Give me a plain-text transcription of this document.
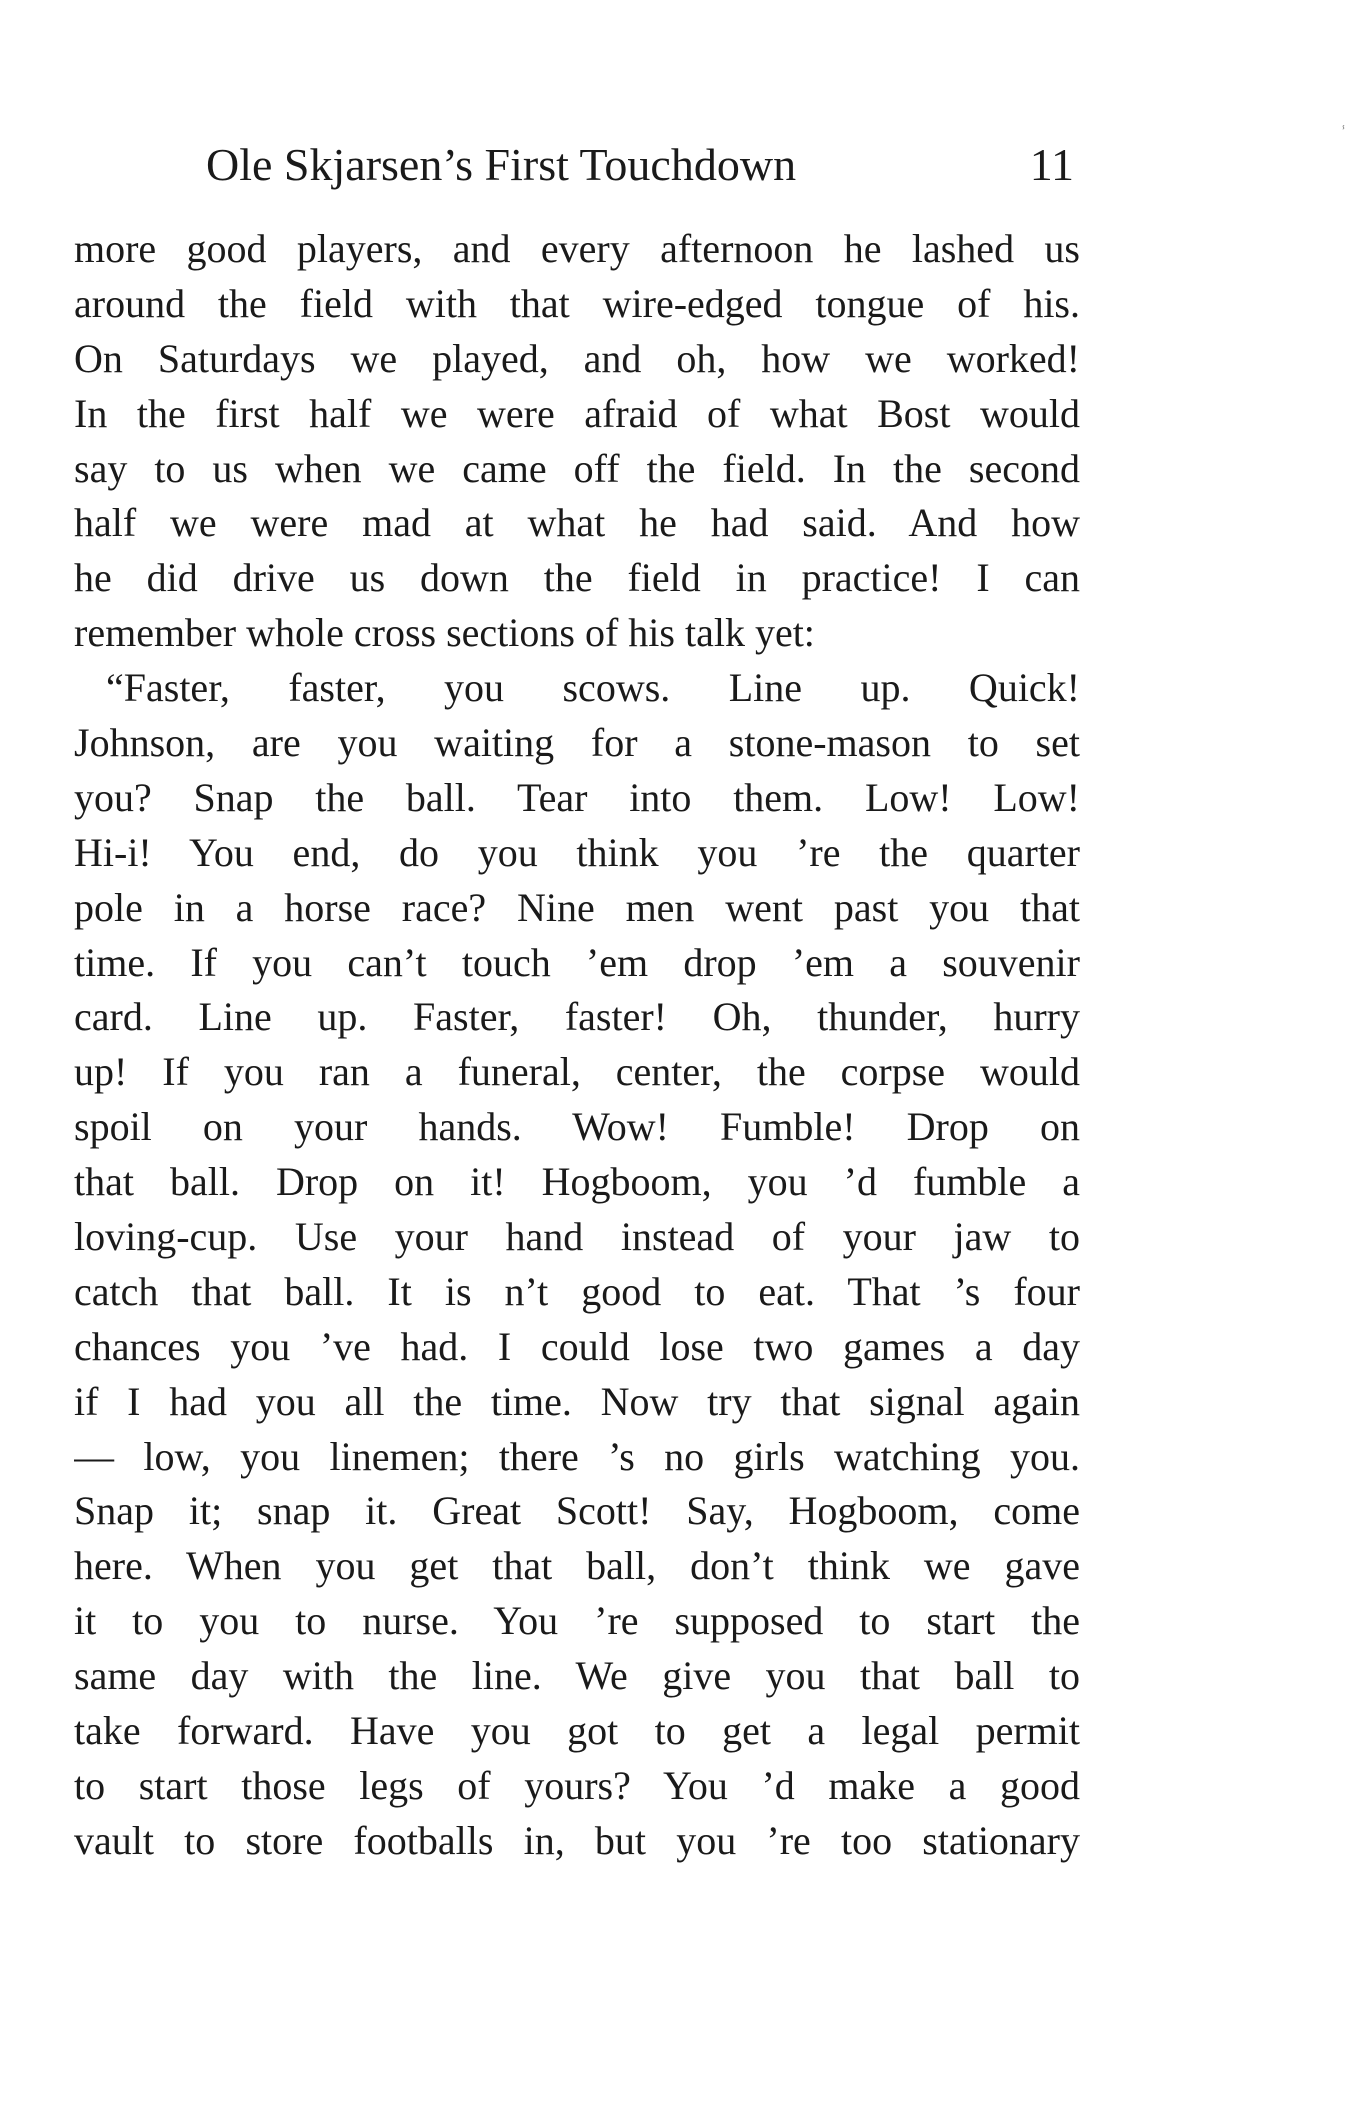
Ole Skjarsen’s First Touchdown	11
ⸯ
more good players, and every afternoon he lashed us
around the field with that wire-edged tongue of his.
On Saturdays we played, and oh, how we worked!
In the first half we were afraid of what Bost would
say to us when we came off the field. In the second
half we were mad at what he had said. And how
he did drive us down the field in practice! I can
remember whole cross sections of his talk yet:
“Faster, faster, you scows. Line up. Quick!
Johnson, are you waiting for a stone-mason to set
you? Snap the ball. Tear into them. Low! Low!
Hi-i! You end, do you think you ’re the quarter
pole in a horse race? Nine men went past you that
time. If you can’t touch ’em drop ’em a souvenir
card. Line up. Faster, faster! Oh, thunder, hurry
up! If you ran a funeral, center, the corpse would
spoil on your hands. Wow! Fumble! Drop on
that ball. Drop on it! Hogboom, you ’d fumble a
loving-cup. Use your hand instead of your jaw to
catch that ball. It is n’t good to eat. That ’s four
chances you ’ve had. I could lose two games a day
if I had you all the time. Now try that signal again
— low, you linemen; there ’s no girls watching you.
Snap it; snap it. Great Scott! Say, Hogboom, come
here. When you get that ball, don’t think we gave
it to you to nurse. You ’re supposed to start the
same day with the line. We give you that ball to
take forward. Have you got to get a legal permit
to start those legs of yours? You ’d make a good
vault to store footballs in, but you ’re too stationary
